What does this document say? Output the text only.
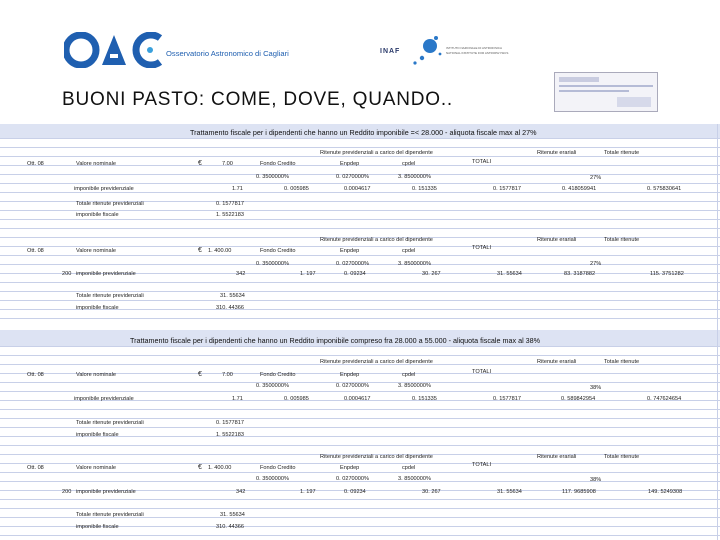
Osservatorio Astronomico di Cagliari	INAF	ISTITUTO NAZIONALE DI ASTROFISICA
NATIONAL INSTITUTE FOR ASTROPHYSICS
BUONI PASTO: COME, DOVE, QUANDO..
Trattamento fiscale per i dipendenti che hanno un Reddito imponibile =< 28.000 - aliquota fiscale max al 27%
Ritenute previdenziali a carico del dipendente	Ritenute erariali	Totale ritenute
Ott. 08	Valore nominale	€	7.00	Fondo Credito	Enpdep	cpdel	TOTALI
0. 3500000%	0. 0270000%	3. 8500000%	27%
imponibile previdenziale	1.71	0. 005985	0.0004617	0. 151335	0. 1577817	0. 418059941	0. 575830641
Totale ritenute previdenziali	0. 1577817
imponibile fiscale	1. 5522183
Ritenute previdenziali a carico del dipendente	Ritenute erariali	Totale ritenute
Ott. 08	Valore nominale	€ 1. 400.00	Fondo Credito	Enpdep	cpdel	TOTALI
0. 3500000%	0. 0270000%	3. 8500000%	27%
200 imponibile previdenziale	342	1. 197	0. 09234	30. 267	31. 55634	83. 3187882	115. 3751282
Totale ritenute previdenziali	31. 55634
imponibile fiscale	310. 44366
Trattamento fiscale per i dipendenti che hanno un Reddito imponibile compreso fra 28.000 a 55.000 - aliquota fiscale max al 38%
Ritenute previdenziali a carico del dipendente	Ritenute erariali	Totale ritenute
Ott. 08	Valore nominale	€	7.00	Fondo Credito	Enpdep	cpdel	TOTALI
0. 3500000%	0. 0270000%	3. 8500000%	38%
imponibile previdenziale	1.71	0. 005985	0.0004617	0. 151335	0. 1577817	0. 589842954	0. 747624654
Totale ritenute previdenziali	0. 1577817
imponibile fiscale	1. 5522183
Ritenute previdenziali a carico del dipendente	Ritenute erariali	Totale ritenute
Ott. 08	Valore nominale	€ 1. 400.00	Fondo Credito	Enpdep	cpdel	TOTALI
0. 3500000%	0. 0270000%	3. 8500000%	38%
200 imponibile previdenziale	342	1. 197	0. 09234	30. 267	31. 55634	117. 9685908	149. 5249308
Totale ritenute previdenziali	31. 55634
imponibile fiscale	310. 44366
